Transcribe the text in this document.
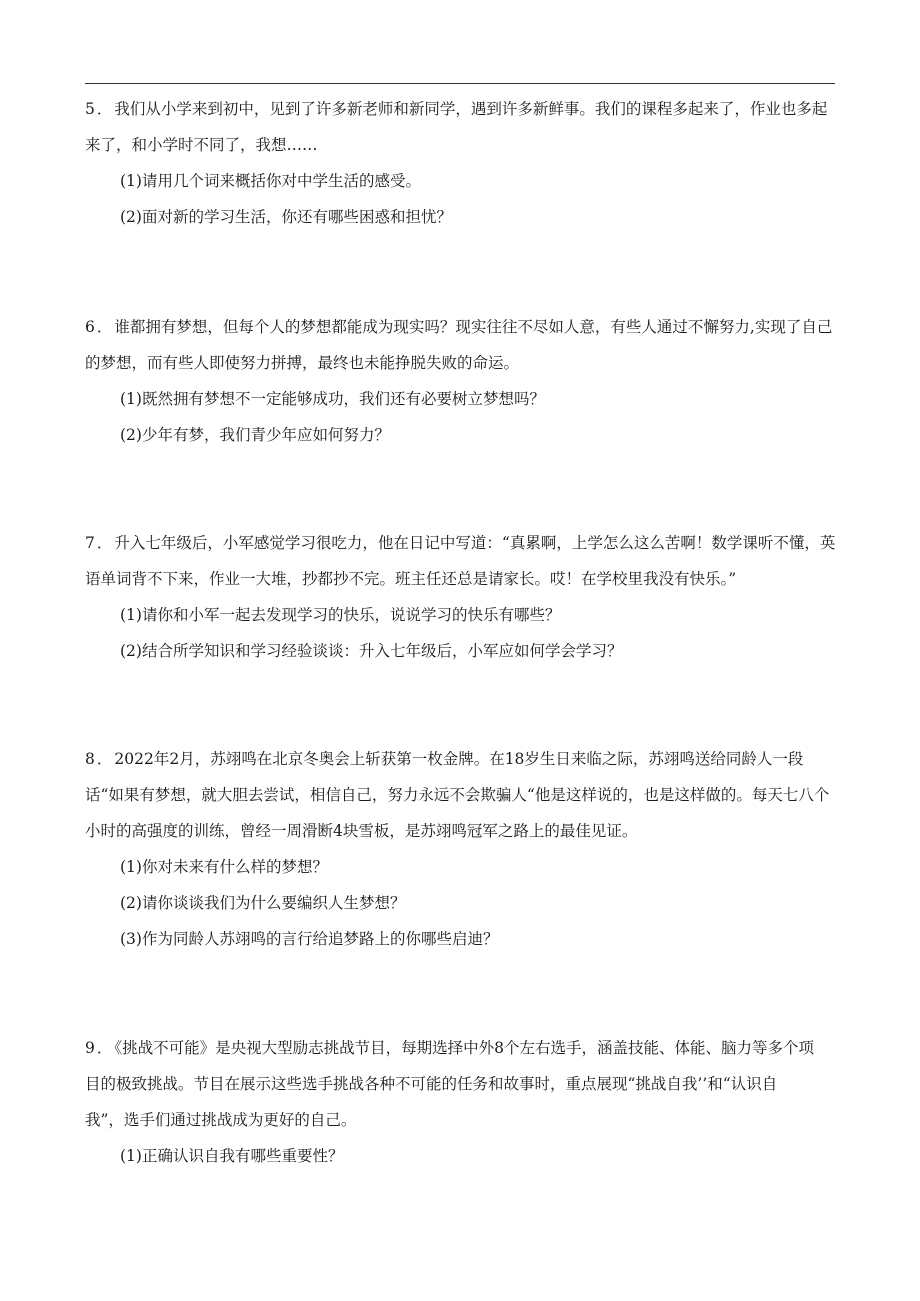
5 ． 我们从小学来到初中，见到了许多新老师和新同学，遇到许多新鲜事。我们的课程多起来了，作业也多起来了，和小学时不同了，我想……

(1)请用几个词来概括你对中学生活的感受。

(2)面对新的学习生活，你还有哪些困惑和担忧？

6 ． 谁都拥有梦想，但每个人的梦想都能成为现实吗？现实往往不尽如人意，有些人通过不懈努力,实现了自己的梦想，而有些人即使努力拼搏，最终也未能挣脱失败的命运。

(1)既然拥有梦想不一定能够成功，我们还有必要树立梦想吗？

(2)少年有梦，我们青少年应如何努力？

7 ． 升入七年级后，小军感觉学习很吃力，他在日记中写道：“真累啊，上学怎么这么苦啊！数学课听不懂，英语单词背不下来，作业一大堆，抄都抄不完。班主任还总是请家长。哎！在学校里我没有快乐。”

(1)请你和小军一起去发现学习的快乐，说说学习的快乐有哪些？

(2)结合所学知识和学习经验谈谈：升入七年级后，小军应如何学会学习？

8 ． 2022年2月，苏翊鸣在北京冬奥会上斩获第一枚金牌。在18岁生日来临之际，苏翊鸣送给同龄人一段话“如果有梦想，就大胆去尝试，相信自己，努力永远不会欺骗人“他是这样说的，也是这样做的。每天七八个小时的高强度的训练，曾经一周滑断4块雪板，是苏翊鸣冠军之路上的最佳见证。

(1)你对未来有什么样的梦想？

(2)请你谈谈我们为什么要编织人生梦想？

(3)作为同龄人苏翊鸣的言行给追梦路上的你哪些启迪？

9 ． 《挑战不可能》是央视大型励志挑战节目，每期选择中外8个左右选手，涵盖技能、体能、脑力等多个项
目的极致挑战。节目在展示这些选手挑战各种不可能的任务和故事时，重点展现“挑战自我’’和“认识自
我”，选手们通过挑战成为更好的自己。

(1)正确认识自我有哪些重要性？
